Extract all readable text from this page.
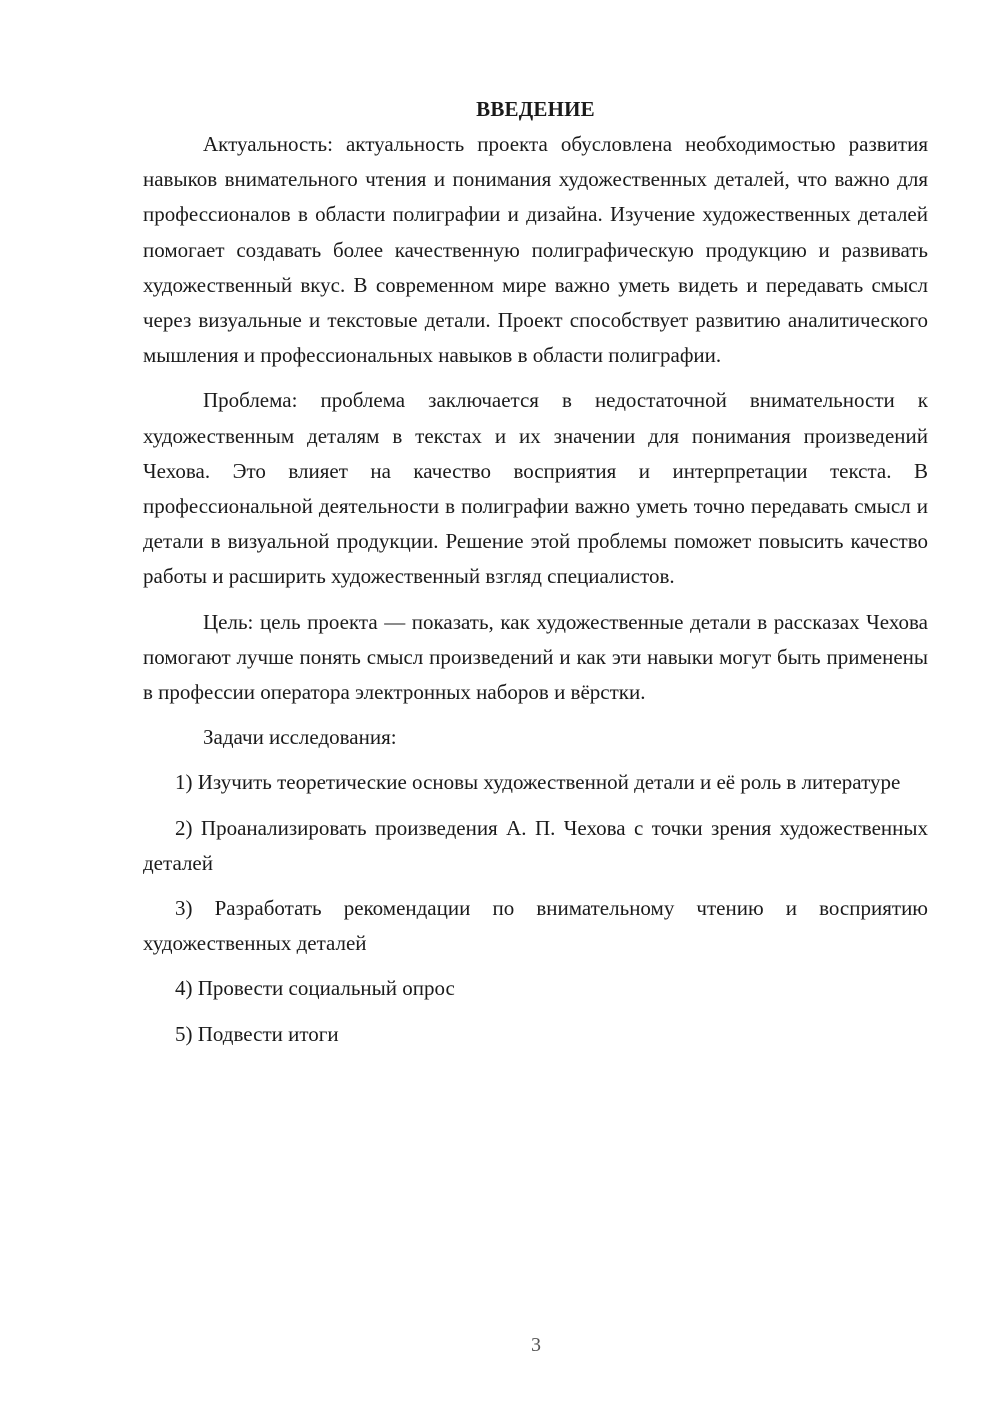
ВВЕДЕНИЕ

Актуальность: актуальность проекта обусловлена необходимостью развития навыков внимательного чтения и понимания художественных деталей, что важно для профессионалов в области полиграфии и дизайна. Изучение художественных деталей помогает создавать более качественную полиграфическую продукцию и развивать художественный вкус. В современном мире важно уметь видеть и передавать смысл через визуальные и текстовые детали. Проект способствует развитию аналитического мышления и профессиональных навыков в области полиграфии.

Проблема: проблема заключается в недостаточной внимательности к художественным деталям в текстах и их значении для понимания произведений Чехова. Это влияет на качество восприятия и интерпретации текста. В профессиональной деятельности в полиграфии важно уметь точно передавать смысл и детали в визуальной продукции. Решение этой проблемы поможет повысить качество работы и расширить художественный взгляд специалистов.

Цель: цель проекта — показать, как художественные детали в рассказах Чехова помогают лучше понять смысл произведений и как эти навыки могут быть применены в профессии оператора электронных наборов и вёрстки.

Задачи исследования:

1) Изучить теоретические основы художественной детали и её роль в литературе

2) Проанализировать произведения А. П. Чехова с точки зрения художественных деталей

3) Разработать рекомендации по внимательному чтению и восприятию художественных деталей

4) Провести социальный опрос

5) Подвести итоги

3
